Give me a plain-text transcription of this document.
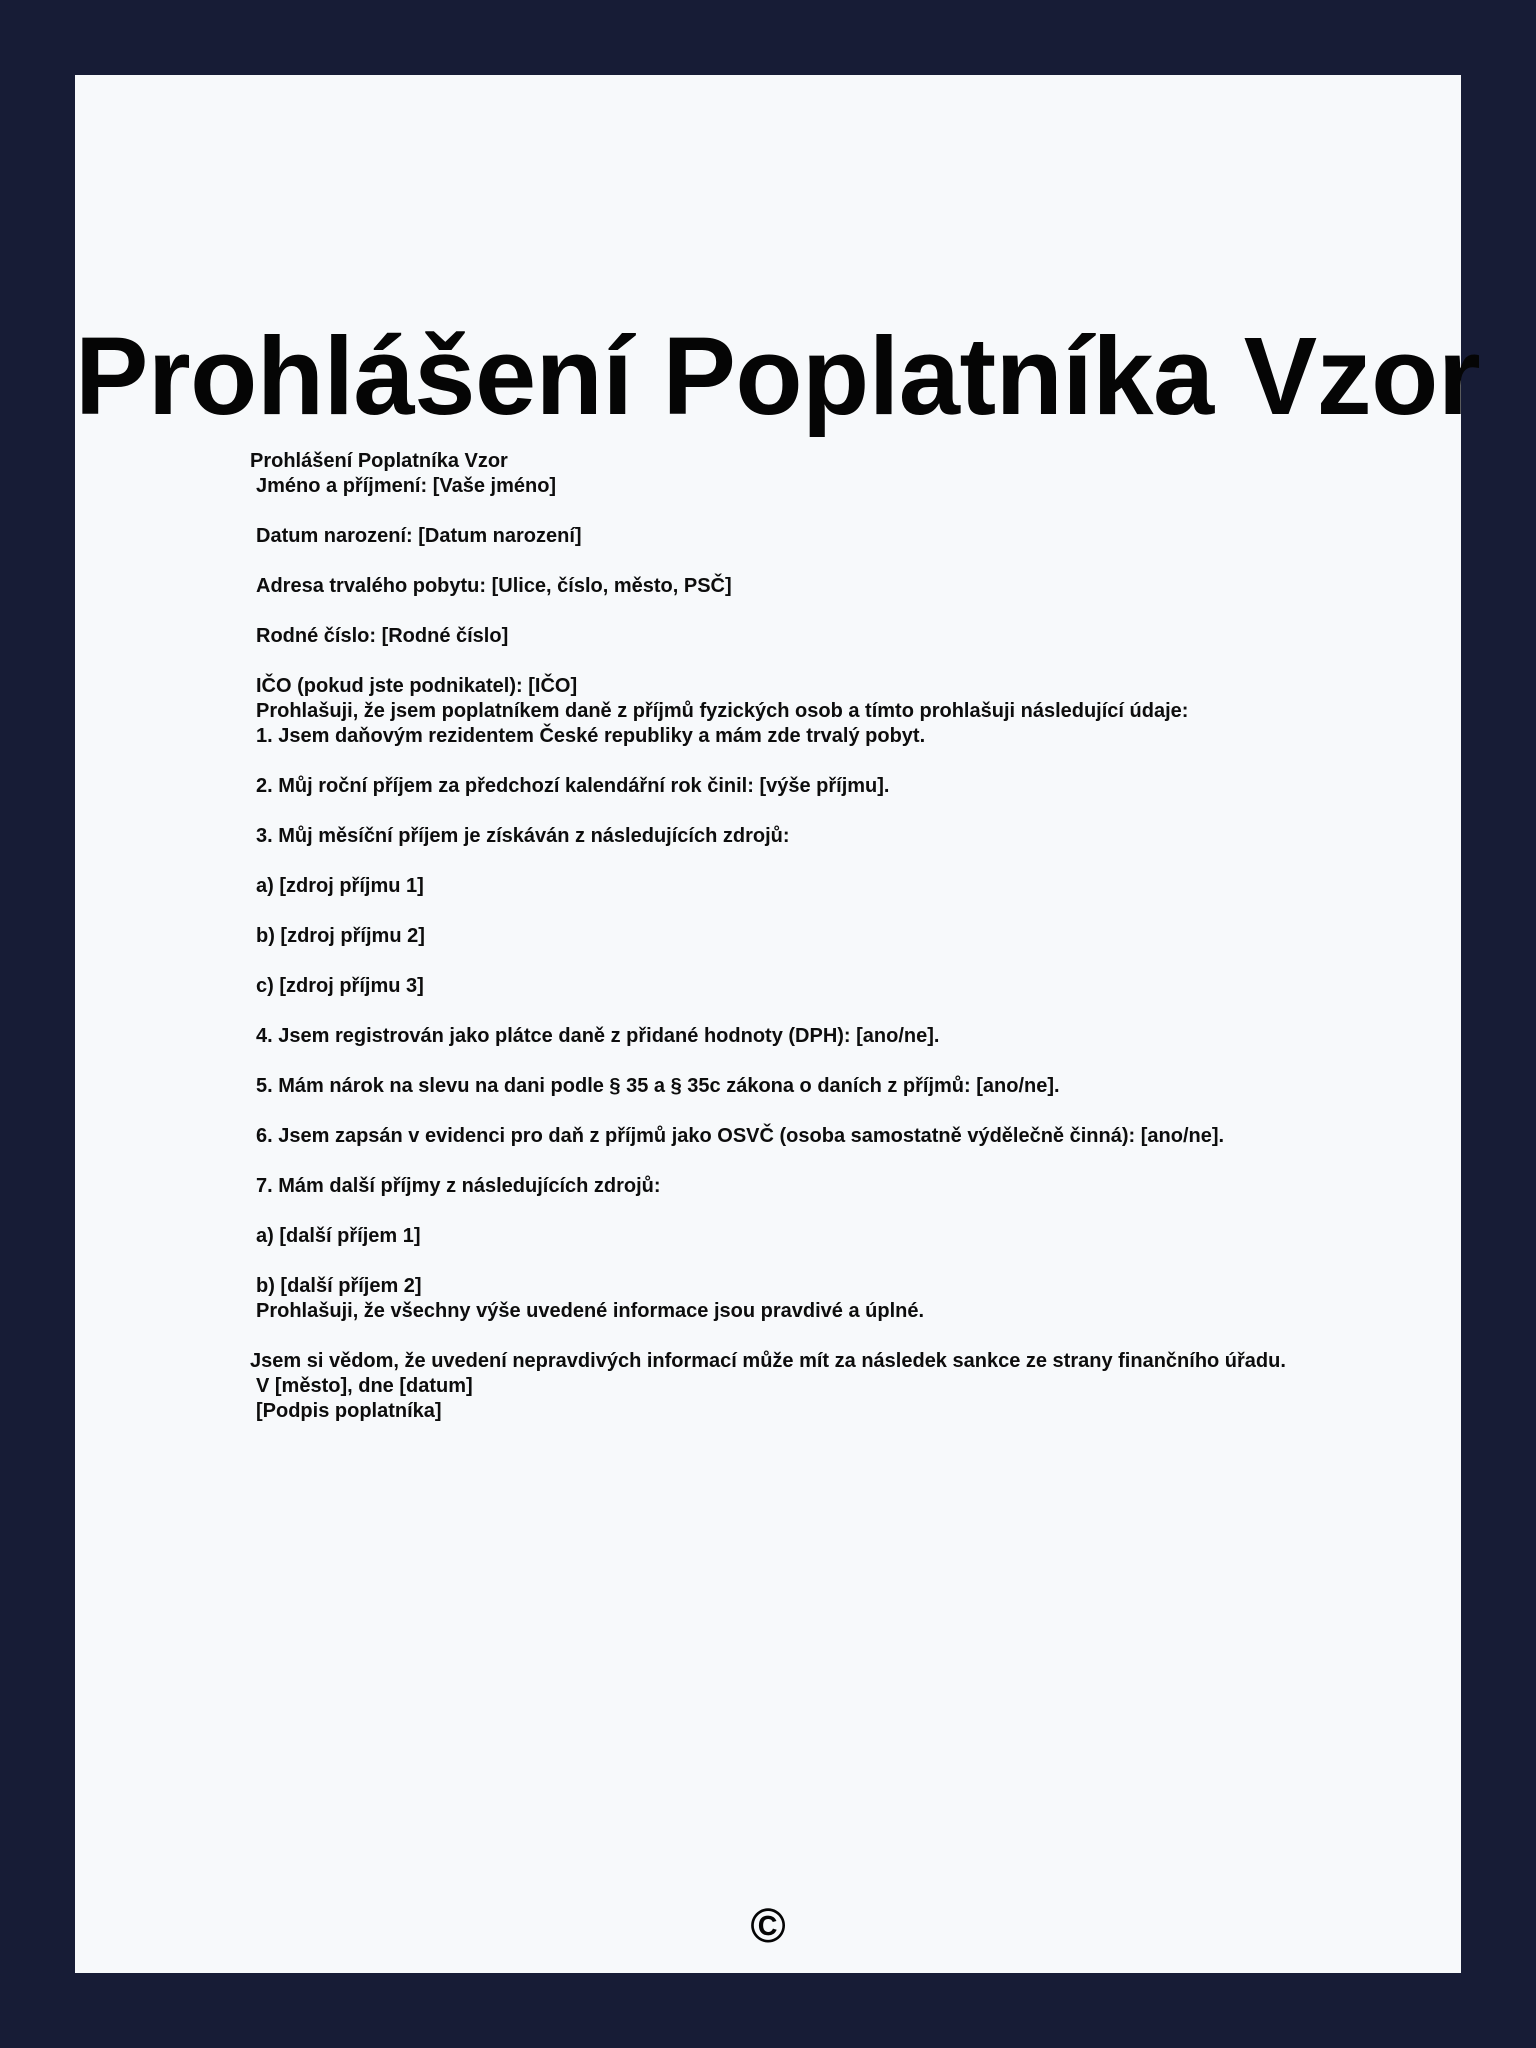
Prohlášení Poplatníka Vzor
Prohlášení Poplatníka Vzor
Jméno a příjmení: [Vaše jméno]
Datum narození: [Datum narození]
Adresa trvalého pobytu: [Ulice, číslo, město, PSČ]
Rodné číslo: [Rodné číslo]
IČO (pokud jste podnikatel): [IČO]
Prohlašuji, že jsem poplatníkem daně z příjmů fyzických osob a tímto prohlašuji následující údaje:
1. Jsem daňovým rezidentem České republiky a mám zde trvalý pobyt.
2. Můj roční příjem za předchozí kalendářní rok činil: [výše příjmu].
3. Můj měsíční příjem je získáván z následujících zdrojů:
a) [zdroj příjmu 1]
b) [zdroj příjmu 2]
c) [zdroj příjmu 3]
4. Jsem registrován jako plátce daně z přidané hodnoty (DPH): [ano/ne].
5. Mám nárok na slevu na dani podle § 35 a § 35c zákona o daních z příjmů: [ano/ne].
6. Jsem zapsán v evidenci pro daň z příjmů jako OSVČ (osoba samostatně výdělečně činná): [ano/ne].
7. Mám další příjmy z následujících zdrojů:
a) [další příjem 1]
b) [další příjem 2]
Prohlašuji, že všechny výše uvedené informace jsou pravdivé a úplné.
Jsem si vědom, že uvedení nepravdivých informací může mít za následek sankce ze strany finančního úřadu.
V [město], dne [datum]
[Podpis poplatníka]
©
